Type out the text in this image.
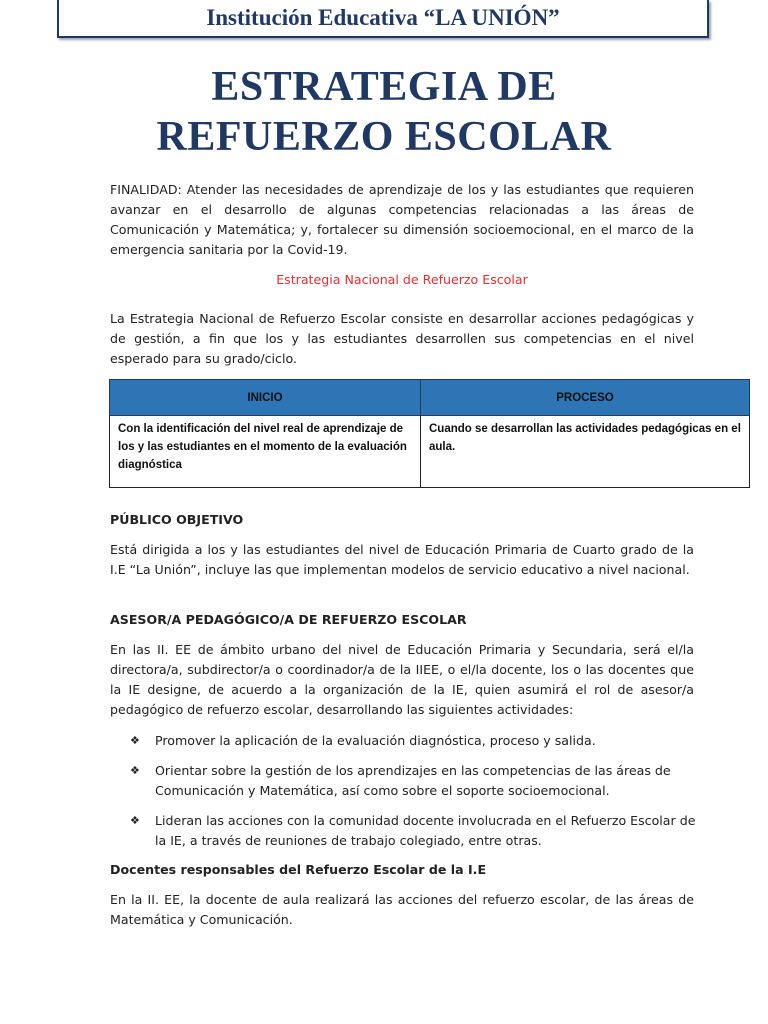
Institución Educativa “LA UNIÓN”
ESTRATEGIA DE
REFUERZO ESCOLAR
FINALIDAD: Atender las necesidades de aprendizaje de los y las estudiantes que requieren avanzar en el desarrollo de algunas competencias relacionadas a las áreas de Comunicación y Matemática; y, fortalecer su dimensión socioemocional, en el marco de la emergencia sanitaria por la Covid-19.
Estrategia Nacional de Refuerzo Escolar
La Estrategia Nacional de Refuerzo Escolar consiste en desarrollar acciones pedagógicas y de gestión, a fin que los y las estudiantes desarrollen sus competencias en el nivel esperado para su grado/ciclo.
INICIO	PROCESO
Con la identificación del nivel real de aprendizaje de los y las estudiantes en el momento de la evaluación diagnóstica	Cuando se desarrollan las actividades pedagógicas en el aula.
PÚBLICO OBJETIVO
Está dirigida a los y las estudiantes del nivel de Educación Primaria de Cuarto grado de la I.E “La Unión”, incluye las que implementan modelos de servicio educativo a nivel nacional.
ASESOR/A PEDAGÓGICO/A DE REFUERZO ESCOLAR
En las II. EE de ámbito urbano del nivel de Educación Primaria y Secundaria, será el/la directora/a, subdirector/a o coordinador/a de la IIEE, o el/la docente, los o las docentes que la IE designe, de acuerdo a la organización de la IE, quien asumirá el rol de asesor/a pedagógico de refuerzo escolar, desarrollando las siguientes actividades:
❖ Promover la aplicación de la evaluación diagnóstica, proceso y salida.
❖ Orientar sobre la gestión de los aprendizajes en las competencias de las áreas de Comunicación y Matemática, así como sobre el soporte socioemocional.
❖ Lideran las acciones con la comunidad docente involucrada en el Refuerzo Escolar de la IE, a través de reuniones de trabajo colegiado, entre otras.
Docentes responsables del Refuerzo Escolar de la I.E
En la II. EE, la docente de aula realizará las acciones del refuerzo escolar, de las áreas de Matemática y Comunicación.
